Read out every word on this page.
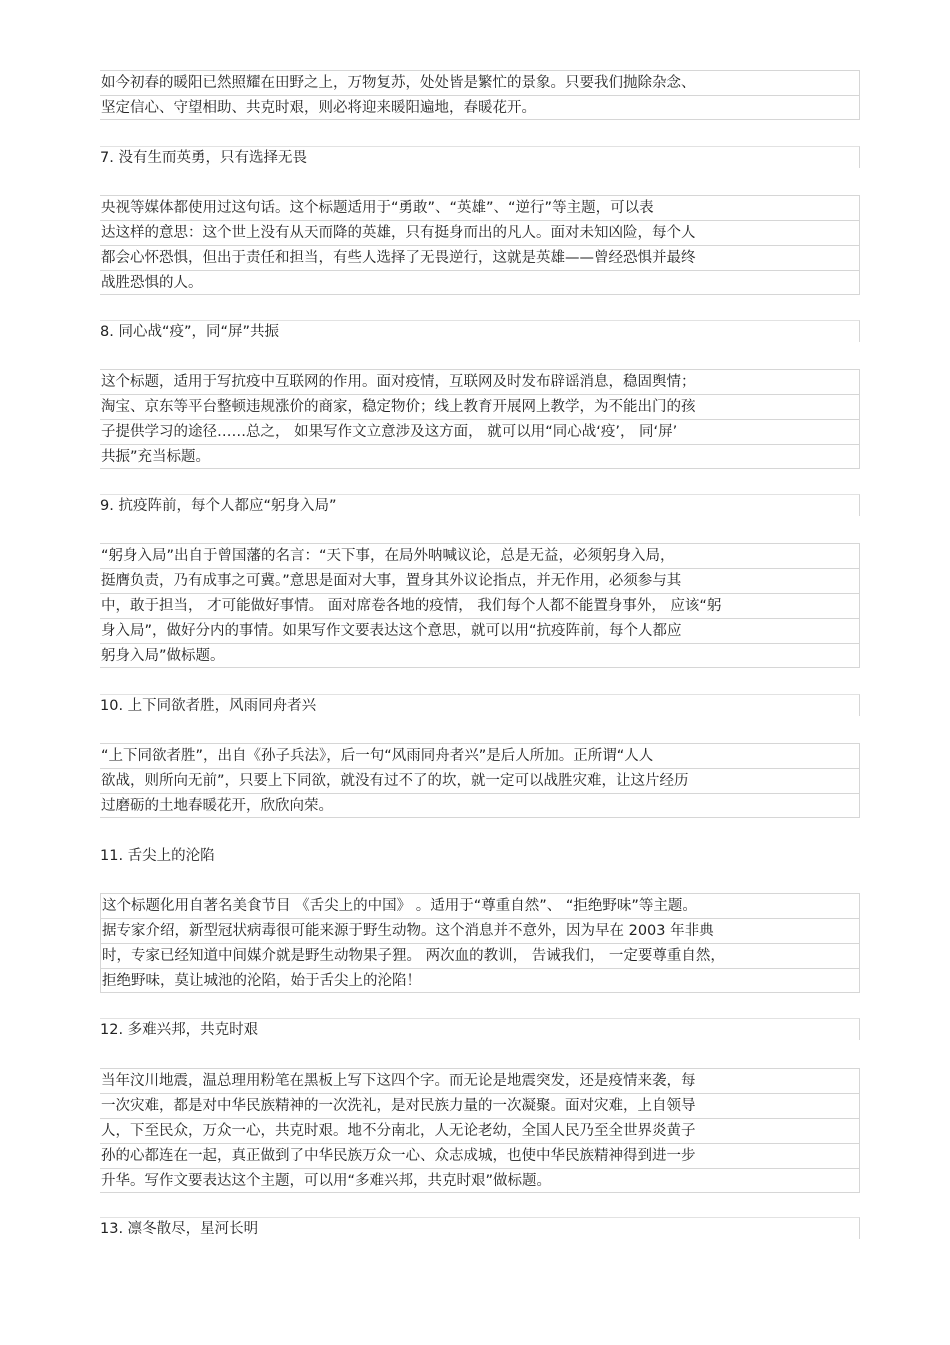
如今初春的暖阳已然照耀在田野之上，万物复苏，处处皆是繁忙的景象。只要我们抛除杂念、
坚定信心、守望相助、共克时艰，则必将迎来暖阳遍地，春暖花开。
7. 没有生而英勇，只有选择无畏
央视等媒体都使用过这句话。这个标题适用于“勇敢”、“英雄”、“逆行”等主题，可以表
达这样的意思：这个世上没有从天而降的英雄，只有挺身而出的凡人。面对未知凶险，每个人
都会心怀恐惧，但出于责任和担当，有些人选择了无畏逆行，这就是英雄——曾经恐惧并最终
战胜恐惧的人。
8. 同心战“疫”，同“屏”共振
这个标题，适用于写抗疫中互联网的作用。面对疫情，互联网及时发布辟谣消息，稳固舆情；
淘宝、京东等平台整顿违规涨价的商家，稳定物价；线上教育开展网上教学，为不能出门的孩
子提供学习的途径……总之， 如果写作文立意涉及这方面， 就可以用“同心战‘疫’， 同‘屏’
共振”充当标题。
9. 抗疫阵前，每个人都应“躬身入局”
“躬身入局”出自于曾国藩的名言：“天下事，在局外呐喊议论，总是无益，必须躬身入局，
挺膺负责，乃有成事之可冀。”意思是面对大事，置身其外议论指点，并无作用，必须参与其
中，敢于担当， 才可能做好事情。 面对席卷各地的疫情， 我们每个人都不能置身事外， 应该“躬
身入局”，做好分内的事情。如果写作文要表达这个意思，就可以用“抗疫阵前，每个人都应
躬身入局”做标题。
10. 上下同欲者胜，风雨同舟者兴
“上下同欲者胜”，出自《孙子兵法》，后一句“风雨同舟者兴”是后人所加。正所谓“人人
欲战，则所向无前”，只要上下同欲，就没有过不了的坎，就一定可以战胜灾难，让这片经历
过磨砺的土地春暖花开，欣欣向荣。
11. 舌尖上的沦陷
这个标题化用自著名美食节目 《舌尖上的中国》 。适用于“尊重自然”、 “拒绝野味”等主题。
据专家介绍，新型冠状病毒很可能来源于野生动物。这个消息并不意外，因为早在 2003 年非典
时，专家已经知道中间媒介就是野生动物果子狸。 两次血的教训， 告诫我们， 一定要尊重自然，
拒绝野味，莫让城池的沦陷，始于舌尖上的沦陷！
12. 多难兴邦，共克时艰
当年汶川地震，温总理用粉笔在黑板上写下这四个字。而无论是地震突发，还是疫情来袭，每
一次灾难，都是对中华民族精神的一次洗礼，是对民族力量的一次凝聚。面对灾难，上自领导
人，下至民众，万众一心，共克时艰。地不分南北，人无论老幼，全国人民乃至全世界炎黄子
孙的心都连在一起，真正做到了中华民族万众一心、众志成城，也使中华民族精神得到进一步
升华。写作文要表达这个主题，可以用“多难兴邦，共克时艰”做标题。
13. 凛冬散尽，星河长明
